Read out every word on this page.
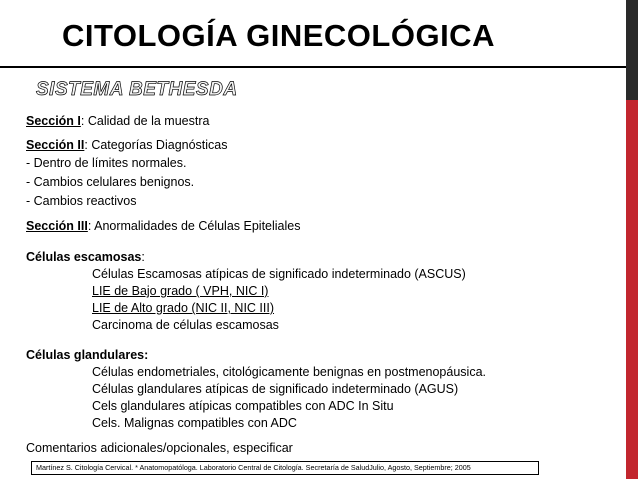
CITOLOGÍA GINECOLÓGICA
SISTEMA BETHESDA
Sección I: Calidad de la muestra
Sección II: Categorías Diagnósticas
- Dentro de límites normales.
- Cambios celulares benignos.
- Cambios reactivos
Sección III: Anormalidades de Células Epiteliales
Células escamosas:
Células Escamosas atípicas de significado indeterminado (ASCUS)
LIE de Bajo grado ( VPH, NIC I)
LIE de Alto grado (NIC II, NIC III)
Carcinoma de células escamosas
Células glandulares:
Células endometriales, citológicamente benignas en postmenopáusica.
Células glandulares atípicas de significado indeterminado (AGUS)
Cels glandulares atípicas compatibles con ADC In Situ
Cels. Malignas compatibles con ADC
Comentarios adicionales/opcionales, especificar
Martínez S. Citología Cervical. * Anatomopatóloga. Laboratorio Central de Citología. Secretaría de SaludJulio, Agosto, Septiembre; 2005
